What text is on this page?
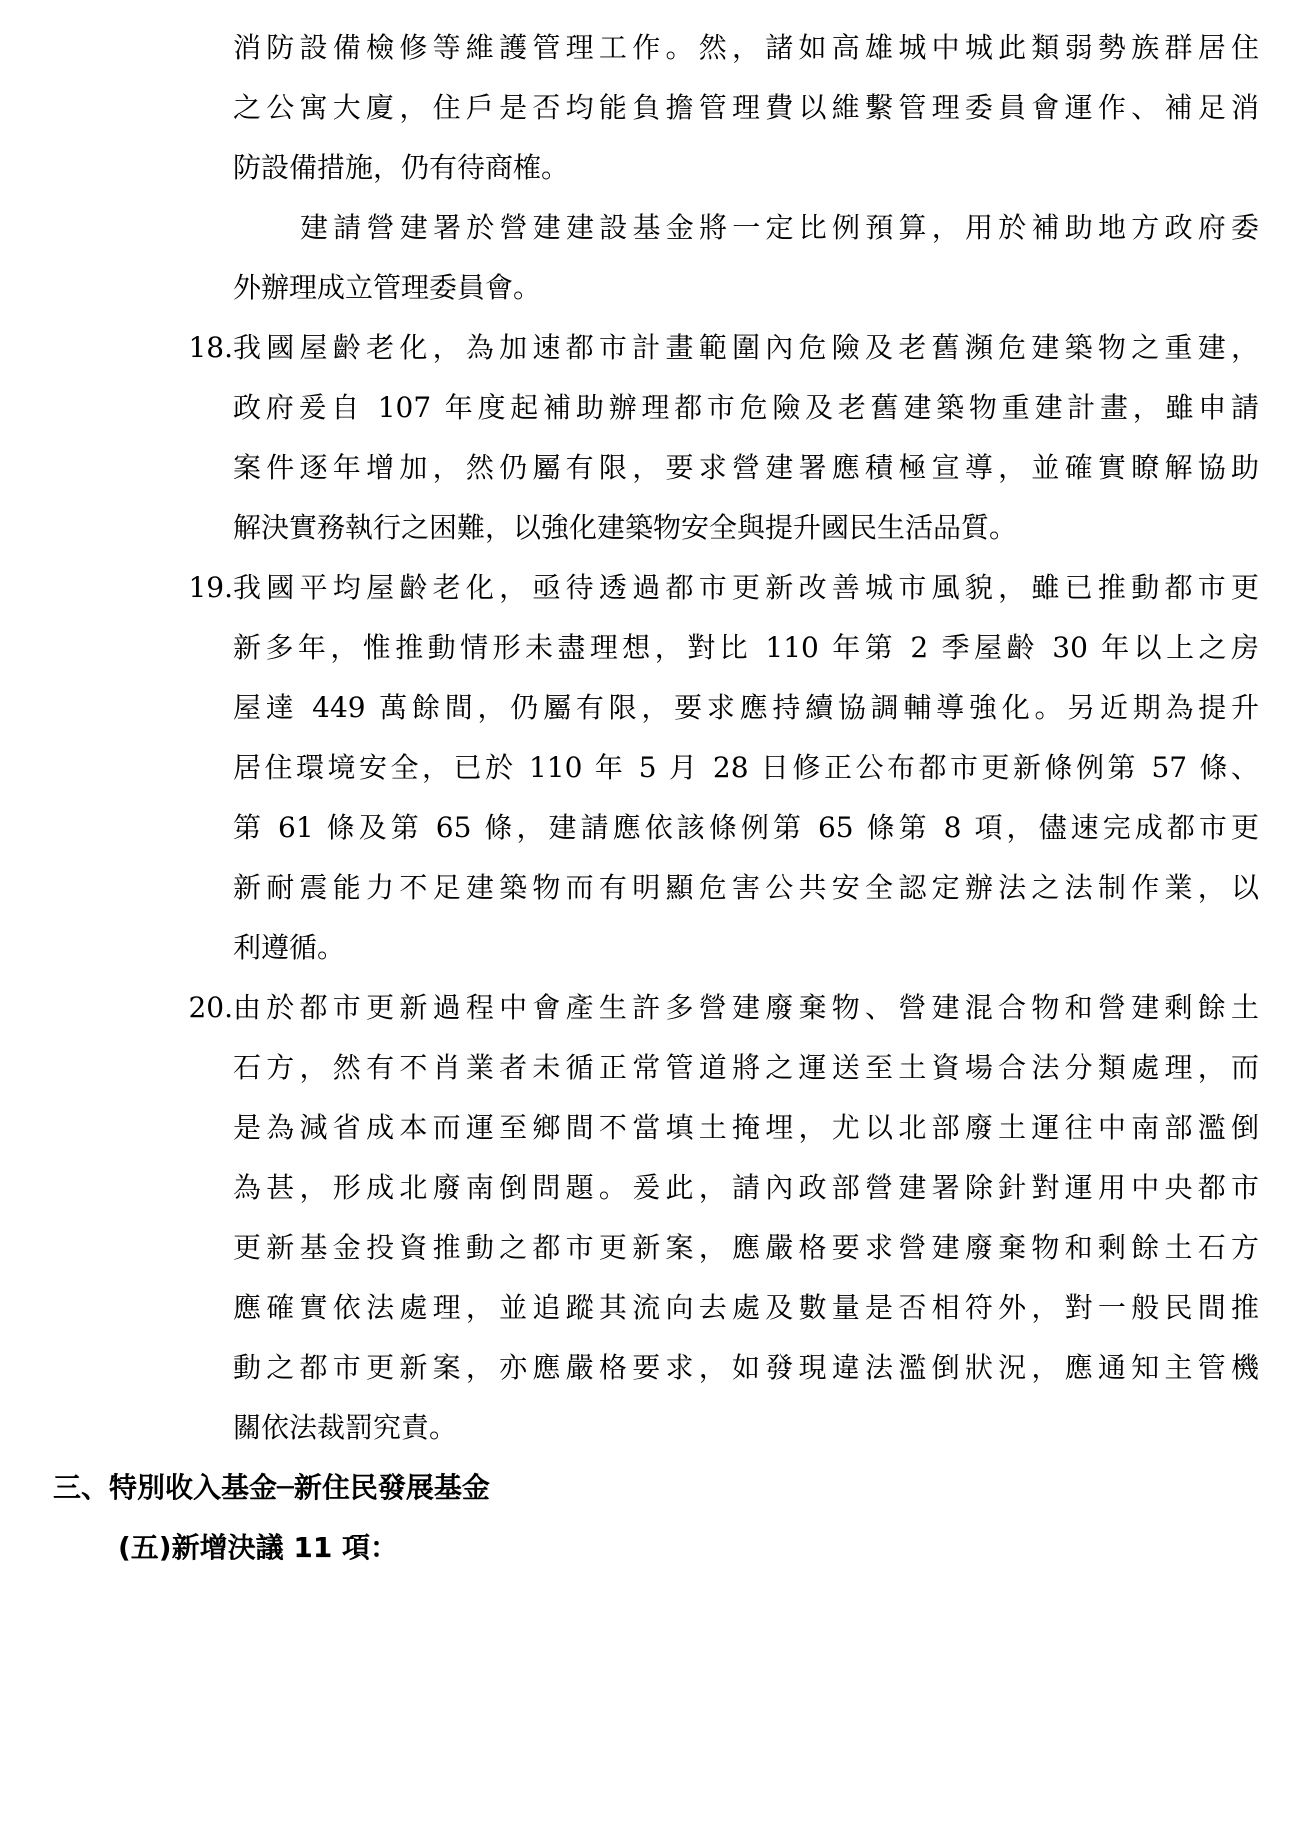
消防設備檢修等維護管理工作。然，諸如高雄城中城此類弱勢族群居住
之公寓大廈，住戶是否均能負擔管理費以維繫管理委員會運作、補足消
防設備措施，仍有待商榷。
建請營建署於營建建設基金將一定比例預算，用於補助地方政府委
外辦理成立管理委員會。
18. 我國屋齡老化，為加速都市計畫範圍內危險及老舊瀕危建築物之重建，
政府爰自 107 年度起補助辦理都市危險及老舊建築物重建計畫，雖申請
案件逐年增加，然仍屬有限，要求營建署應積極宣導，並確實瞭解協助
解決實務執行之困難，以強化建築物安全與提升國民生活品質。
19. 我國平均屋齡老化，亟待透過都市更新改善城市風貌，雖已推動都市更
新多年，惟推動情形未盡理想，對比 110 年第 2 季屋齡 30 年以上之房
屋達 449 萬餘間，仍屬有限，要求應持續協調輔導強化。另近期為提升
居住環境安全，已於 110 年 5 月 28 日修正公布都市更新條例第 57 條、
第 61 條及第 65 條，建請應依該條例第 65 條第 8 項，儘速完成都市更
新耐震能力不足建築物而有明顯危害公共安全認定辦法之法制作業，以
利遵循。
20. 由於都市更新過程中會產生許多營建廢棄物、營建混合物和營建剩餘土
石方，然有不肖業者未循正常管道將之運送至土資場合法分類處理，而
是為減省成本而運至鄉間不當填土掩埋，尤以北部廢土運往中南部濫倒
為甚，形成北廢南倒問題。爰此，請內政部營建署除針對運用中央都市
更新基金投資推動之都市更新案，應嚴格要求營建廢棄物和剩餘土石方
應確實依法處理，並追蹤其流向去處及數量是否相符外，對一般民間推
動之都市更新案，亦應嚴格要求，如發現違法濫倒狀況，應通知主管機
關依法裁罰究責。
三、特別收入基金─新住民發展基金
(五)新增決議 11 項：
